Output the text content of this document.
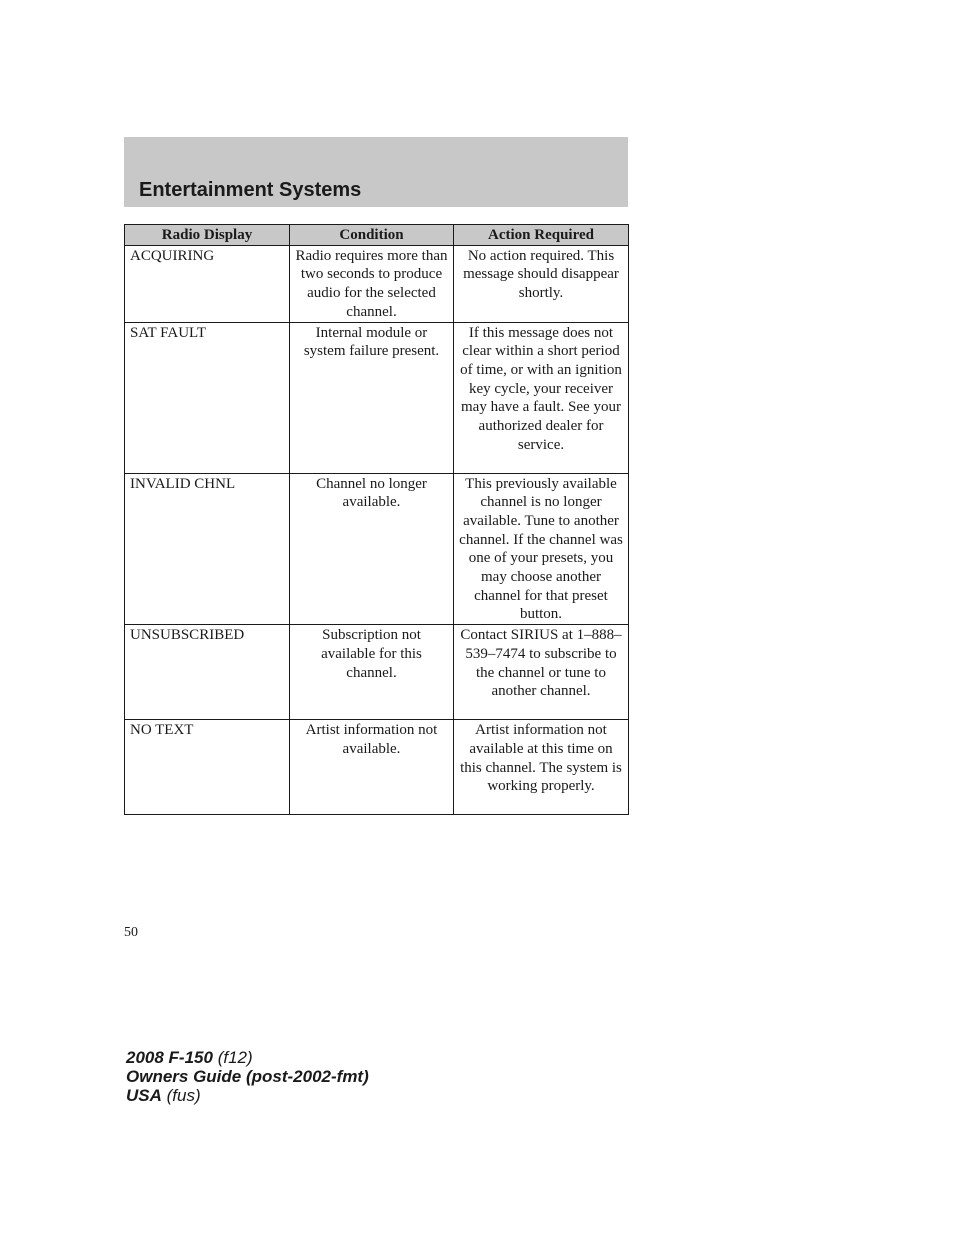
Entertainment Systems
Radio Display	Condition	Action Required
ACQUIRING	Radio requires more than two seconds to produce audio for the selected channel.	No action required. This message should disappear shortly.
SAT FAULT	Internal module or system failure present.	If this message does not clear within a short period of time, or with an ignition key cycle, your receiver may have a fault. See your authorized dealer for service.
INVALID CHNL	Channel no longer available.	This previously available channel is no longer available. Tune to another channel. If the channel was one of your presets, you may choose another channel for that preset button.
UNSUBSCRIBED	Subscription not available for this channel.	Contact SIRIUS at 1–888–539–7474 to subscribe to the channel or tune to another channel.
NO TEXT	Artist information not available.	Artist information not available at this time on this channel. The system is working properly.
50
2008 F-150 (f12)
Owners Guide (post-2002-fmt)
USA (fus)
